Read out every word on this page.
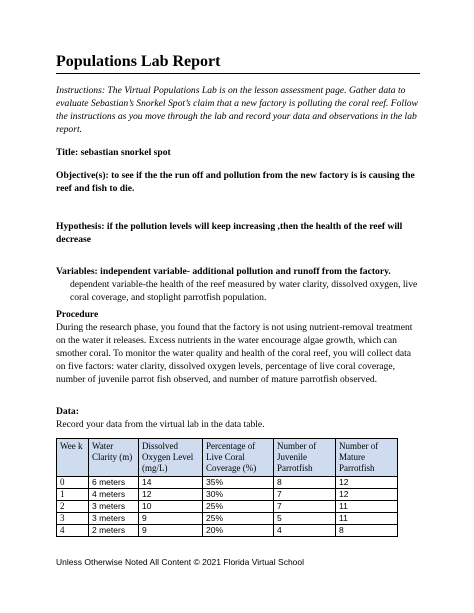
Populations Lab Report
Instructions: The Virtual Populations Lab is on the lesson assessment page. Gather data to evaluate Sebastian’s Snorkel Spot’s claim that a new factory is polluting the coral reef. Follow the instructions as you move through the lab and record your data and observations in the lab report.
Title: sebastian snorkel spot
Objective(s): to see if the the run off and pollution from the new factory is is causing the reef and fish to die.
Hypothesis: if the pollution levels will keep increasing ,then the health of the reef will decrease
Variables: independent variable- additional pollution and runoff from the factory.
dependent variable-the health of the reef measured by water clarity, dissolved oxygen, live coral coverage, and stoplight parrotfish population.
Procedure
During the research phase, you found that the factory is not using nutrient-removal treatment on the water it releases. Excess nutrients in the water encourage algae growth, which can smother coral. To monitor the water quality and health of the coral reef, you will collect data on five factors: water clarity, dissolved oxygen levels, percentage of live coral coverage, number of juvenile parrot fish observed, and number of mature parrotfish observed.
Data:
Record your data from the virtual lab in the data table.
Wee k	Water Clarity (m)	Dissolved Oxygen Level (mg/L)	Percentage of Live Coral Coverage (%)	Number of Juvenile Parrotfish	Number of Mature Parrotfish
0	6 meters	14	35%	8	12
1	4 meters	12	30%	7	12
2	3 meters	10	25%	7	11
3	3 meters	9	25%	5	11
4	2 meters	9	20%	4	8
Unless Otherwise Noted All Content © 2021 Florida Virtual School
